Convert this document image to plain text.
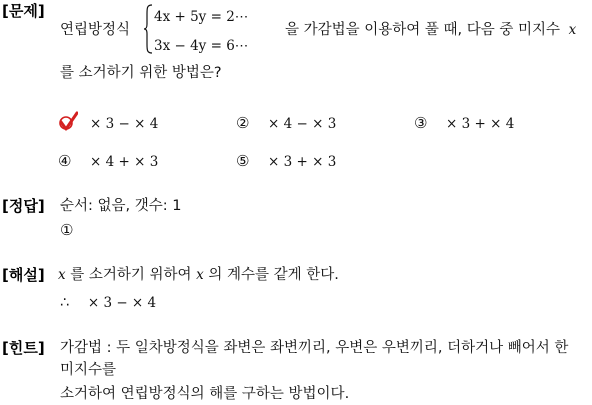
[문제]
연립방정식
4x + 5y = 2⋯
3x − 4y = 6⋯
을 가감법을 이용하여 풀 때, 다음 중 미지수 x
를 소거하기 위한 방법은?
× 3 − × 4	② × 4 − × 3	③ × 3 + × 4
④ × 4 + × 3	⑤ × 3 + × 3
[정답] 순서: 없음, 갯수: 1
①
[해설] x 를 소거하기 위하여 x 의 계수를 같게 한다.
∴ × 3 − × 4
[힌트] 가감법 : 두 일차방정식을 좌변은 좌변끼리, 우변은 우변끼리, 더하거나 빼어서 한
미지수를
소거하여 연립방정식의 해를 구하는 방법이다.
